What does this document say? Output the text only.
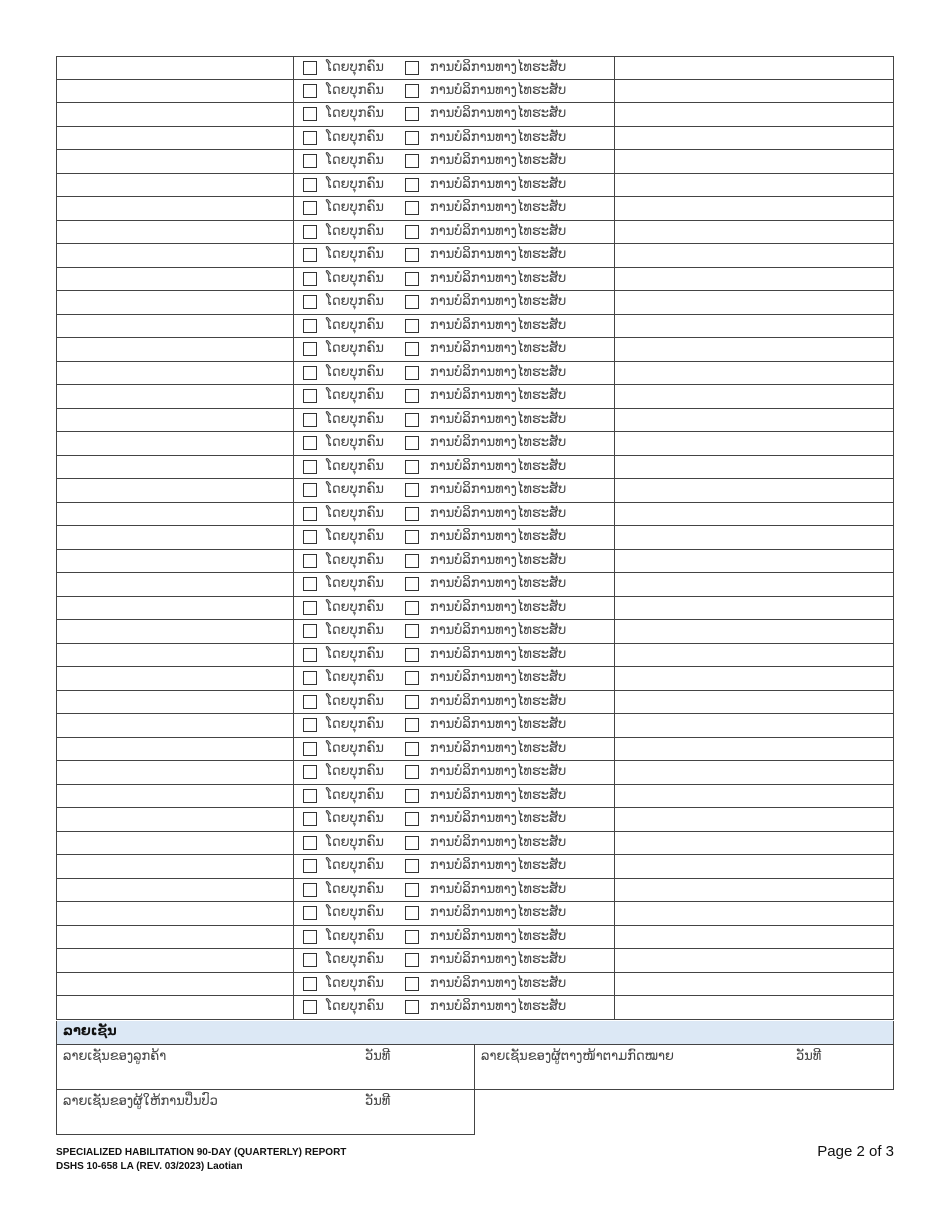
ໂດຍບຸກຄົນ	ການບໍລິການທາງໄທຮະສັບ
ໂດຍບຸກຄົນ	ການບໍລິການທາງໄທຮະສັບ
ໂດຍບຸກຄົນ	ການບໍລິການທາງໄທຮະສັບ
ໂດຍບຸກຄົນ	ການບໍລິການທາງໄທຮະສັບ
ໂດຍບຸກຄົນ	ການບໍລິການທາງໄທຮະສັບ
ໂດຍບຸກຄົນ	ການບໍລິການທາງໄທຮະສັບ
ໂດຍບຸກຄົນ	ການບໍລິການທາງໄທຮະສັບ
ໂດຍບຸກຄົນ	ການບໍລິການທາງໄທຮະສັບ
ໂດຍບຸກຄົນ	ການບໍລິການທາງໄທຮະສັບ
ໂດຍບຸກຄົນ	ການບໍລິການທາງໄທຮະສັບ
ໂດຍບຸກຄົນ	ການບໍລິການທາງໄທຮະສັບ
ໂດຍບຸກຄົນ	ການບໍລິການທາງໄທຮະສັບ
ໂດຍບຸກຄົນ	ການບໍລິການທາງໄທຮະສັບ
ໂດຍບຸກຄົນ	ການບໍລິການທາງໄທຮະສັບ
ໂດຍບຸກຄົນ	ການບໍລິການທາງໄທຮະສັບ
ໂດຍບຸກຄົນ	ການບໍລິການທາງໄທຮະສັບ
ໂດຍບຸກຄົນ	ການບໍລິການທາງໄທຮະສັບ
ໂດຍບຸກຄົນ	ການບໍລິການທາງໄທຮະສັບ
ໂດຍບຸກຄົນ	ການບໍລິການທາງໄທຮະສັບ
ໂດຍບຸກຄົນ	ການບໍລິການທາງໄທຮະສັບ
ໂດຍບຸກຄົນ	ການບໍລິການທາງໄທຮະສັບ
ໂດຍບຸກຄົນ	ການບໍລິການທາງໄທຮະສັບ
ໂດຍບຸກຄົນ	ການບໍລິການທາງໄທຮະສັບ
ໂດຍບຸກຄົນ	ການບໍລິການທາງໄທຮະສັບ
ໂດຍບຸກຄົນ	ການບໍລິການທາງໄທຮະສັບ
ໂດຍບຸກຄົນ	ການບໍລິການທາງໄທຮະສັບ
ໂດຍບຸກຄົນ	ການບໍລິການທາງໄທຮະສັບ
ໂດຍບຸກຄົນ	ການບໍລິການທາງໄທຮະສັບ
ໂດຍບຸກຄົນ	ການບໍລິການທາງໄທຮະສັບ
ໂດຍບຸກຄົນ	ການບໍລິການທາງໄທຮະສັບ
ໂດຍບຸກຄົນ	ການບໍລິການທາງໄທຮະສັບ
ໂດຍບຸກຄົນ	ການບໍລິການທາງໄທຮະສັບ
ໂດຍບຸກຄົນ	ການບໍລິການທາງໄທຮະສັບ
ໂດຍບຸກຄົນ	ການບໍລິການທາງໄທຮະສັບ
ໂດຍບຸກຄົນ	ການບໍລິການທາງໄທຮະສັບ
ໂດຍບຸກຄົນ	ການບໍລິການທາງໄທຮະສັບ
ໂດຍບຸກຄົນ	ການບໍລິການທາງໄທຮະສັບ
ໂດຍບຸກຄົນ	ການບໍລິການທາງໄທຮະສັບ
ໂດຍບຸກຄົນ	ການບໍລິການທາງໄທຮະສັບ
ໂດຍບຸກຄົນ	ການບໍລິການທາງໄທຮະສັບ
ໂດຍບຸກຄົນ	ການບໍລິການທາງໄທຮະສັບ
ລາຍເຊັນ
ລາຍເຊັນຂອງລູກຄ້າ	ວັນທີ	ລາຍເຊັນຂອງຜູ້ຕາງໜ້າຕາມກົດໝາຍ	ວັນທີ
ລາຍເຊັນຂອງຜູ້ໃຫ້ການປິ່ນປົວ	ວັນທີ
SPECIALIZED HABILITATION 90-DAY (QUARTERLY) REPORT
DSHS 10-658 LA (REV. 03/2023) Laotian
Page 2 of 3
